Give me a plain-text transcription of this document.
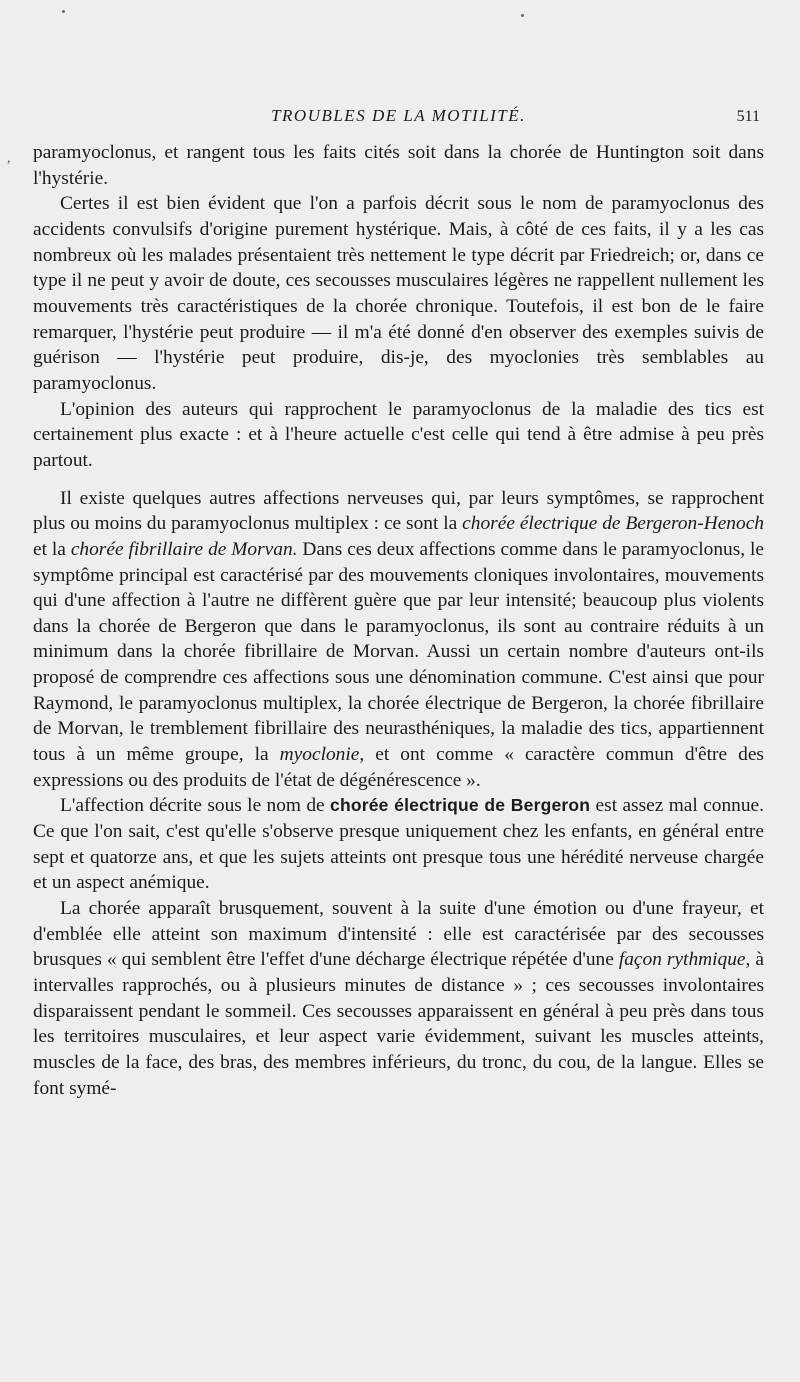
TROUBLES DE LA MOTILITÉ.	511
, paramyoclonus, et rangent tous les faits cités soit dans la chorée de Huntington soit dans l'hystérie.

Certes il est bien évident que l'on a parfois décrit sous le nom de paramyoclonus des accidents convulsifs d'origine purement hystérique. Mais, à côté de ces faits, il y a les cas nombreux où les malades présentaient très nettement le type décrit par Friedreich; or, dans ce type il ne peut y avoir de doute, ces secousses musculaires légères ne rappellent nullement les mouvements très caractéristiques de la chorée chronique. Toutefois, il est bon de le faire remarquer, l'hystérie peut produire — il m'a été donné d'en observer des exemples suivis de guérison — l'hystérie peut produire, dis-je, des myoclonies très semblables au paramyoclonus.

L'opinion des auteurs qui rapprochent le paramyoclonus de la maladie des tics est certainement plus exacte : et à l'heure actuelle c'est celle qui tend à être admise à peu près partout.

Il existe quelques autres affections nerveuses qui, par leurs symptômes, se rapprochent plus ou moins du paramyoclonus multiplex : ce sont la chorée électrique de Bergeron-Henoch et la chorée fibrillaire de Morvan. Dans ces deux affections comme dans le paramyoclonus, le symptôme principal est caractérisé par des mouvements cloniques involontaires, mouvements qui d'une affection à l'autre ne diffèrent guère que par leur intensité; beaucoup plus violents dans la chorée de Bergeron que dans le paramyoclonus, ils sont au contraire réduits à un minimum dans la chorée fibrillaire de Morvan. Aussi un certain nombre d'auteurs ont-ils proposé de comprendre ces affections sous une dénomination commune. C'est ainsi que pour Raymond, le paramyoclonus multiplex, la chorée électrique de Bergeron, la chorée fibrillaire de Morvan, le tremblement fibrillaire des neurasthéniques, la maladie des tics, appartiennent tous à un même groupe, la myoclonie, et ont comme « caractère commun d'être des expressions ou des produits de l'état de dégénérescence ».

L'affection décrite sous le nom de chorée électrique de Bergeron est assez mal connue. Ce que l'on sait, c'est qu'elle s'observe presque uniquement chez les enfants, en général entre sept et quatorze ans, et que les sujets atteints ont presque tous une hérédité nerveuse chargée et un aspect anémique.

La chorée apparaît brusquement, souvent à la suite d'une émotion ou d'une frayeur, et d'emblée elle atteint son maximum d'intensité : elle est caractérisée par des secousses brusques « qui semblent être l'effet d'une décharge électrique répétée d'une façon rythmique, à intervalles rapprochés, ou à plusieurs minutes de distance » ; ces secousses involontaires disparaissent pendant le sommeil. Ces secousses apparaissent en général à peu près dans tous les territoires musculaires, et leur aspect varie évidemment, suivant les muscles atteints, muscles de la face, des bras, des membres inférieurs, du tronc, du cou, de la langue. Elles se font symé-
